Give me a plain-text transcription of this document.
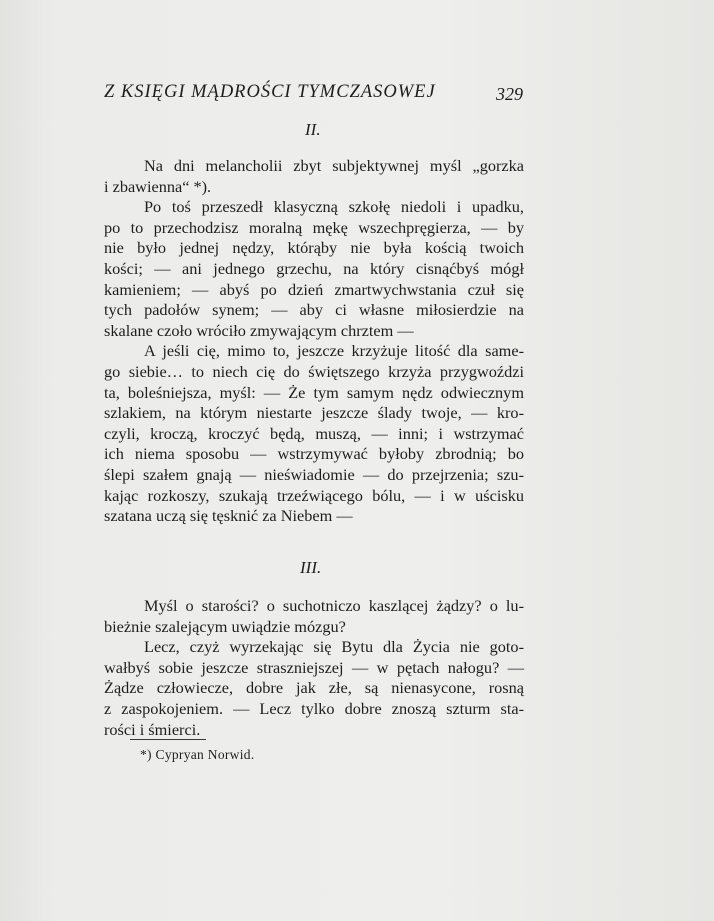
Z KSIĘGI MĄDROŚCI TYMCZASOWEJ	329
II.
Na dni melancholii zbyt subjektywnej myśl „gorzka
i zbawienna“ *).
Po toś przeszedł klasyczną szkołę niedoli i upadku,
po to przechodzisz moralną mękę wszechpręgierza, — by
nie było jednej nędzy, którąby nie była kością twoich
kości; — ani jednego grzechu, na który cisnąćbyś mógł
kamieniem; — abyś po dzień zmartwychwstania czuł się
tych padołów synem; — aby ci własne miłosierdzie na
skalane czoło wróciło zmywającym chrztem —
A jeśli cię, mimo to, jeszcze krzyżuje litość dla same-
go siebie… to niech cię do świętszego krzyża przygwoździ
ta, boleśniejsza, myśl: — Że tym samym nędz odwiecznym
szlakiem, na którym niestarte jeszcze ślady twoje, — kro-
czyli, kroczą, kroczyć będą, muszą, — inni; i wstrzymać
ich niema sposobu — wstrzymywać byłoby zbrodnią; bo
ślepi szałem gnają — nieświadomie — do przejrzenia; szu-
kając rozkoszy, szukają trzeźwiącego bólu, — i w uścisku
szatana uczą się tęsknić za Niebem —
III.
Myśl o starości? o suchotniczo kaszlącej żądzy? o lu-
bieżnie szalejącym uwiądzie mózgu?
Lecz, czyż wyrzekając się Bytu dla Życia nie goto-
wałbyś sobie jeszcze straszniejszej — w pętach nałogu? —
Żądze człowiecze, dobre jak złe, są nienasycone, rosną
z zaspokojeniem. — Lecz tylko dobre znoszą szturm sta-
rości i śmierci.
*) Cypryan Norwid.
